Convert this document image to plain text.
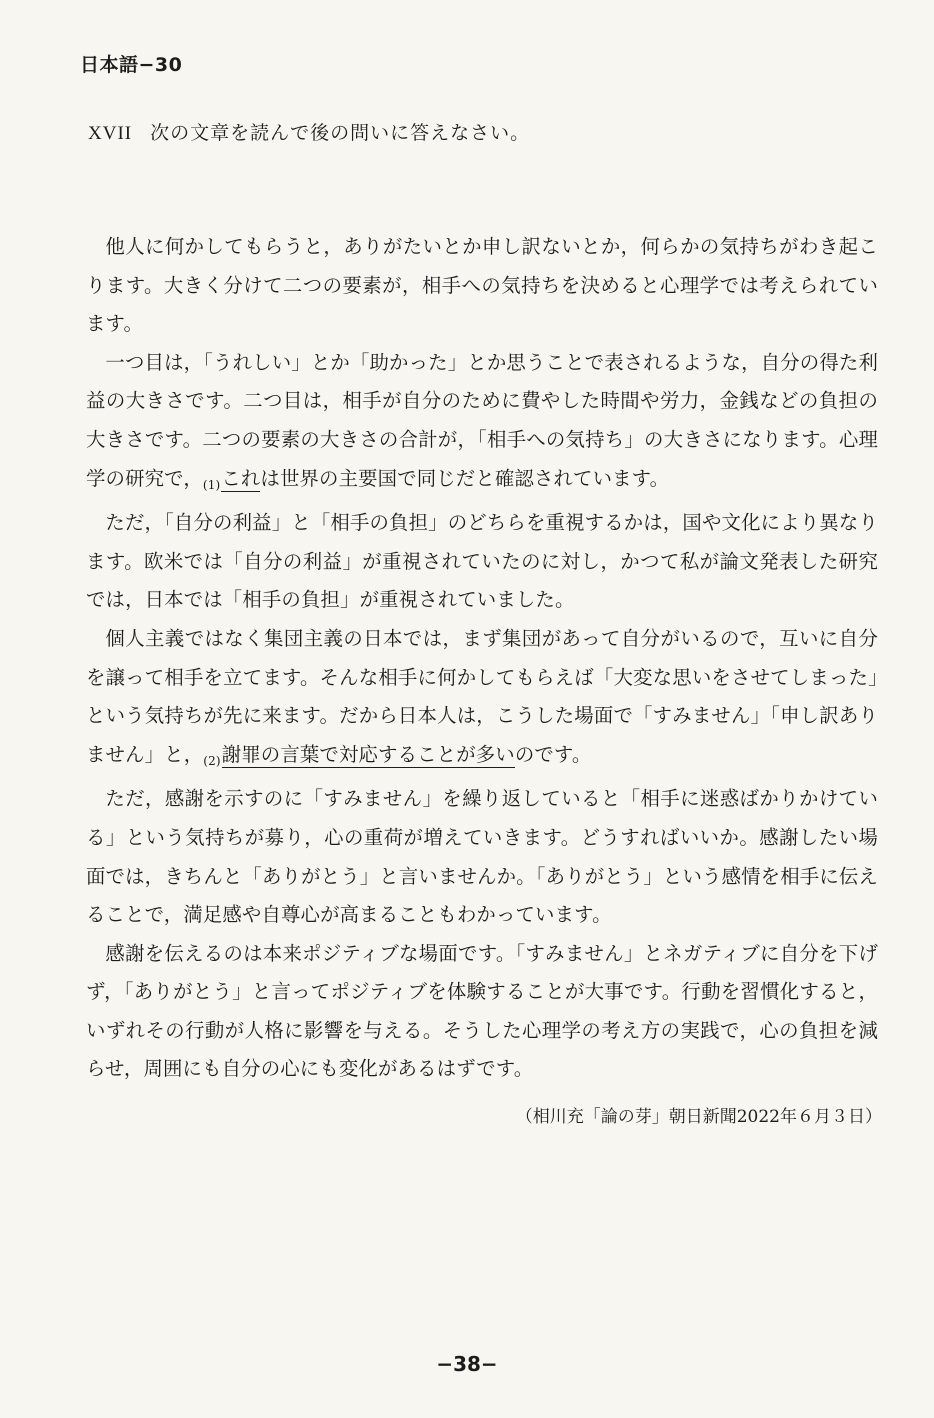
日本語−30
XVII 次の文章を読んで後の問いに答えなさい。

他人に何かしてもらうと，ありがたいとか申し訳ないとか，何らかの気持ちがわき起こります。大きく分けて二つの要素が，相手への気持ちを決めると心理学では考えられています。

一つ目は，「うれしい」とか「助かった」とか思うことで表されるような，自分の得た利益の大きさです。二つ目は，相手が自分のために費やした時間や労力，金銭などの負担の大きさです。二つの要素の大きさの合計が，「相手への気持ち」の大きさになります。心理学の研究で，$_{(1)}$これは世界の主要国で同じだと確認されています。

ただ，「自分の利益」と「相手の負担」のどちらを重視するかは，国や文化により異なります。欧米では「自分の利益」が重視されていたのに対し，かつて私が論文発表した研究では，日本では「相手の負担」が重視されていました。

個人主義ではなく集団主義の日本では，まず集団があって自分がいるので，互いに自分を譲って相手を立てます。そんな相手に何かしてもらえば「大変な思いをさせてしまった」という気持ちが先に来ます。だから日本人は，こうした場面で「すみません」「申し訳ありません」と，$_{(2)}$謝罪の言葉で対応することが多いのです。

ただ，感謝を示すのに「すみません」を繰り返していると「相手に迷惑ばかりかけている」という気持ちが募り，心の重荷が増えていきます。どうすればいいか。感謝したい場面では，きちんと「ありがとう」と言いませんか。「ありがとう」という感情を相手に伝えることで，満足感や自尊心が高まることもわかっています。

感謝を伝えるのは本来ポジティブな場面です。「すみません」とネガティブに自分を下げず，「ありがとう」と言ってポジティブを体験することが大事です。行動を習慣化すると，いずれその行動が人格に影響を与える。そうした心理学の考え方の実践で，心の負担を減らせ，周囲にも自分の心にも変化があるはずです。

（相川充「論の芽」朝日新聞2022年６月３日）
−38−
